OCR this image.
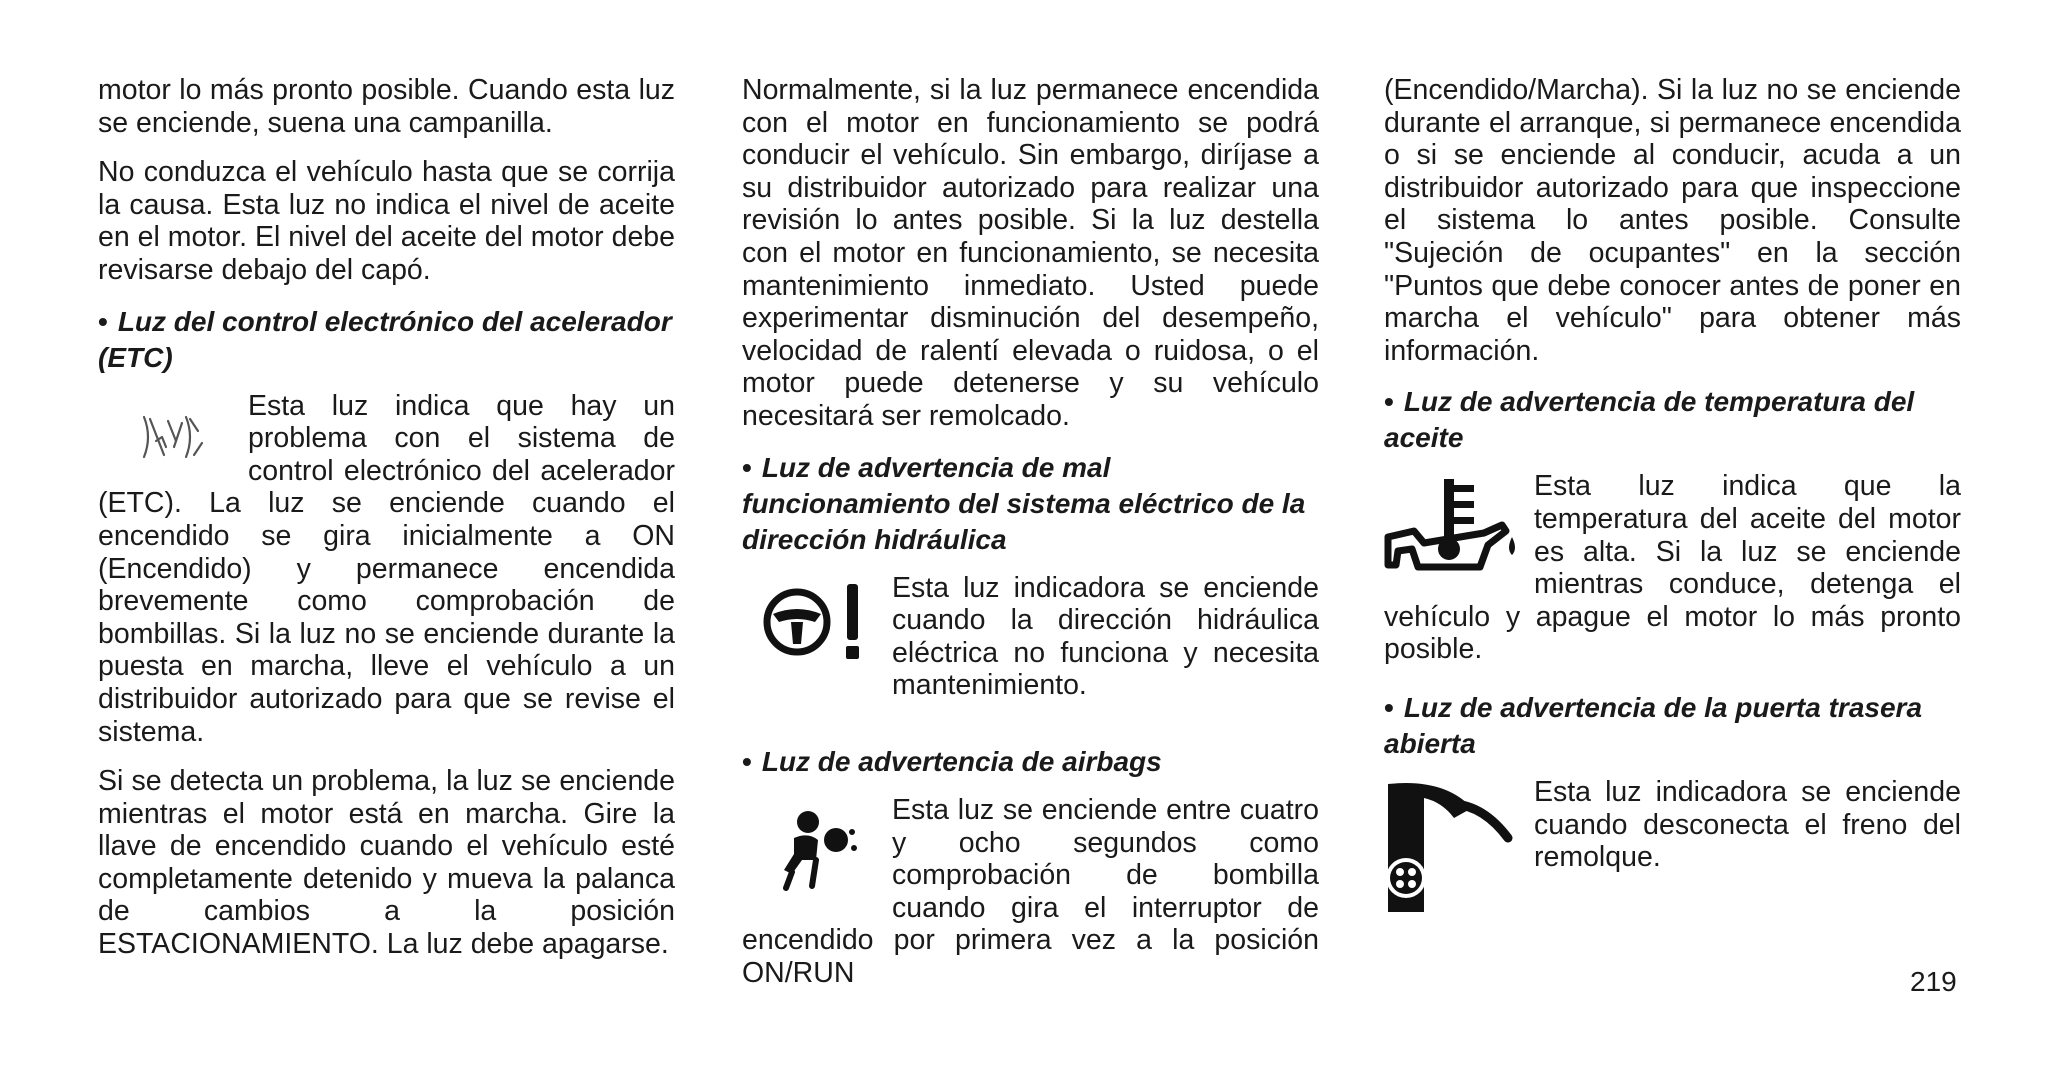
motor lo más pronto posible. Cuando esta luz se enciende, suena una campanilla.

No conduzca el vehículo hasta que se corrija la causa. Esta luz no indica el nivel de aceite en el motor. El nivel del aceite del motor debe revisarse debajo del capó.

• Luz del control electrónico del acelerador (ETC)

Esta luz indica que hay un problema con el sistema de control electrónico del acelerador (ETC). La luz se enciende cuando el encendido se gira inicialmente a ON (Encendido) y permanece encendida brevemente como comprobación de bombillas. Si la luz no se enciende durante la puesta en marcha, lleve el vehículo a un distribuidor autorizado para que se revise el sistema.

Si se detecta un problema, la luz se enciende mientras el motor está en marcha. Gire la llave de encendido cuando el vehículo esté completamente detenido y mueva la palanca de cambios a la posición ESTACIONAMIENTO. La luz debe apagarse.

Normalmente, si la luz permanece encendida con el motor en funcionamiento se podrá conducir el vehículo. Sin embargo, diríjase a su distribuidor autorizado para realizar una revisión lo antes posible. Si la luz destella con el motor en funcionamiento, se necesita mantenimiento inmediato. Usted puede experimentar disminución del desempeño, velocidad de ralentí elevada o ruidosa, o el motor puede detenerse y su vehículo necesitará ser remolcado.

• Luz de advertencia de mal funcionamiento del sistema eléctrico de la dirección hidráulica

Esta luz indicadora se enciende cuando la dirección hidráulica eléctrica no funciona y necesita mantenimiento.

• Luz de advertencia de airbags

Esta luz se enciende entre cuatro y ocho segundos como comprobación de bombilla cuando gira el interruptor de encendido por primera vez a la posición ON/RUN

(Encendido/Marcha). Si la luz no se enciende durante el arranque, si permanece encendida o si se enciende al conducir, acuda a un distribuidor autorizado para que inspeccione el sistema lo antes posible. Consulte "Sujeción de ocupantes" en la sección "Puntos que debe conocer antes de poner en marcha el vehículo" para obtener más información.

• Luz de advertencia de temperatura del aceite

Esta luz indica que la temperatura del aceite del motor es alta. Si la luz se enciende mientras conduce, detenga el vehículo y apague el motor lo más pronto posible.

• Luz de advertencia de la puerta trasera abierta

Esta luz indicadora se enciende cuando desconecta el freno del remolque.

219
